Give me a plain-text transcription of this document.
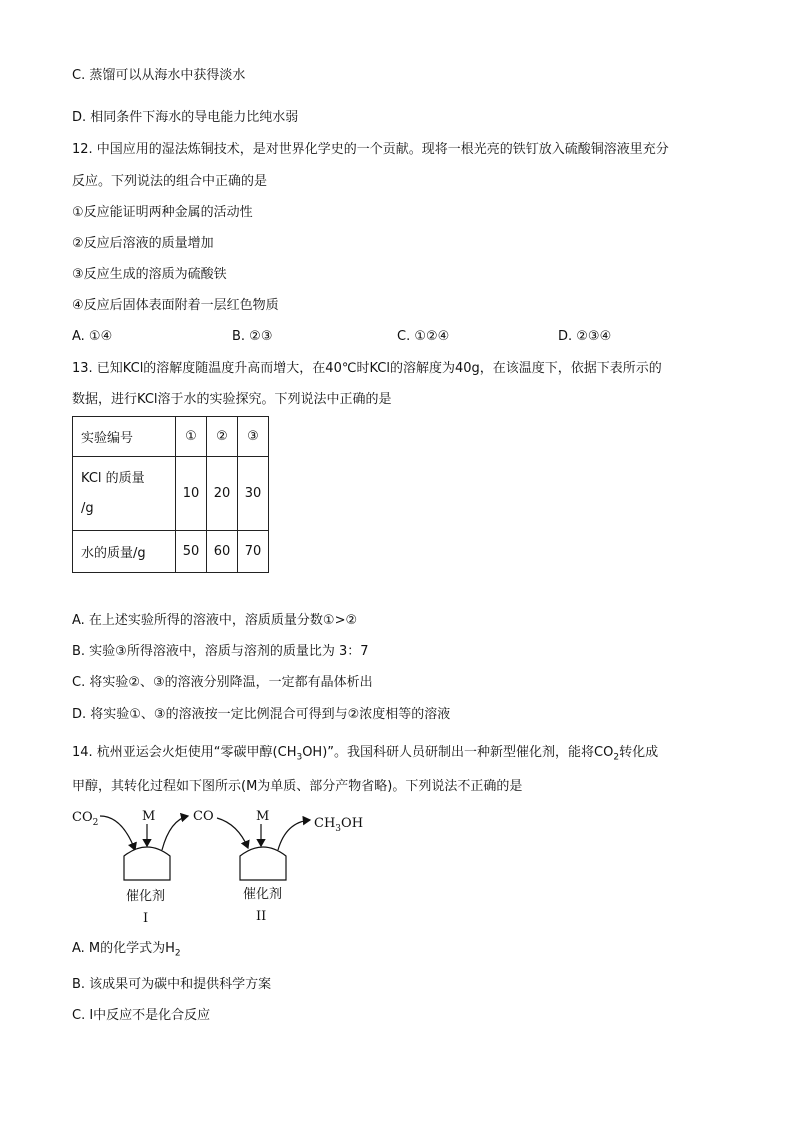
C. 蒸馏可以从海水中获得淡水
D. 相同条件下海水的导电能力比纯水弱
12. 中国应用的湿法炼铜技术，是对世界化学史的一个贡献。现将一根光亮的铁钉放入硫酸铜溶液里充分
反应。下列说法的组合中正确的是
①反应能证明两种金属的活动性
②反应后溶液的质量增加
③反应生成的溶质为硫酸铁
④反应后固体表面附着一层红色物质
A. ①④	B. ②③	C. ①②④	D. ②③④
13. 已知KCl的溶解度随温度升高而增大，在40℃时KCl的溶解度为40g，在该温度下，依据下表所示的
数据，进行KCl溶于水的实验探究。下列说法中正确的是
实验编号	①	②	③

KCl 的质量
/g	10	20	30
水的质量/g	50	60	70
A. 在上述实验所得的溶液中，溶质质量分数①>②
B. 实验③所得溶液中，溶质与溶剂的质量比为 3：7
C. 将实验②、③的溶液分别降温，一定都有晶体析出
D. 将实验①、③的溶液按一定比例混合可得到与②浓度相等的溶液
14. 杭州亚运会火炬使用“零碳甲醇$(CH_3OH)$”。我国科研人员研制出一种新型催化剂，能将$CO_2$转化成
甲醇，其转化过程如下图所示(M为单质、部分产物省略)。下列说法不正确的是
$CO_2$	M
催化剂
I
CO	M
催化剂
II
$CH_3OH$
A. M的化学式为$H_2$
B. 该成果可为碳中和提供科学方案
C. Ⅰ中反应不是化合反应
